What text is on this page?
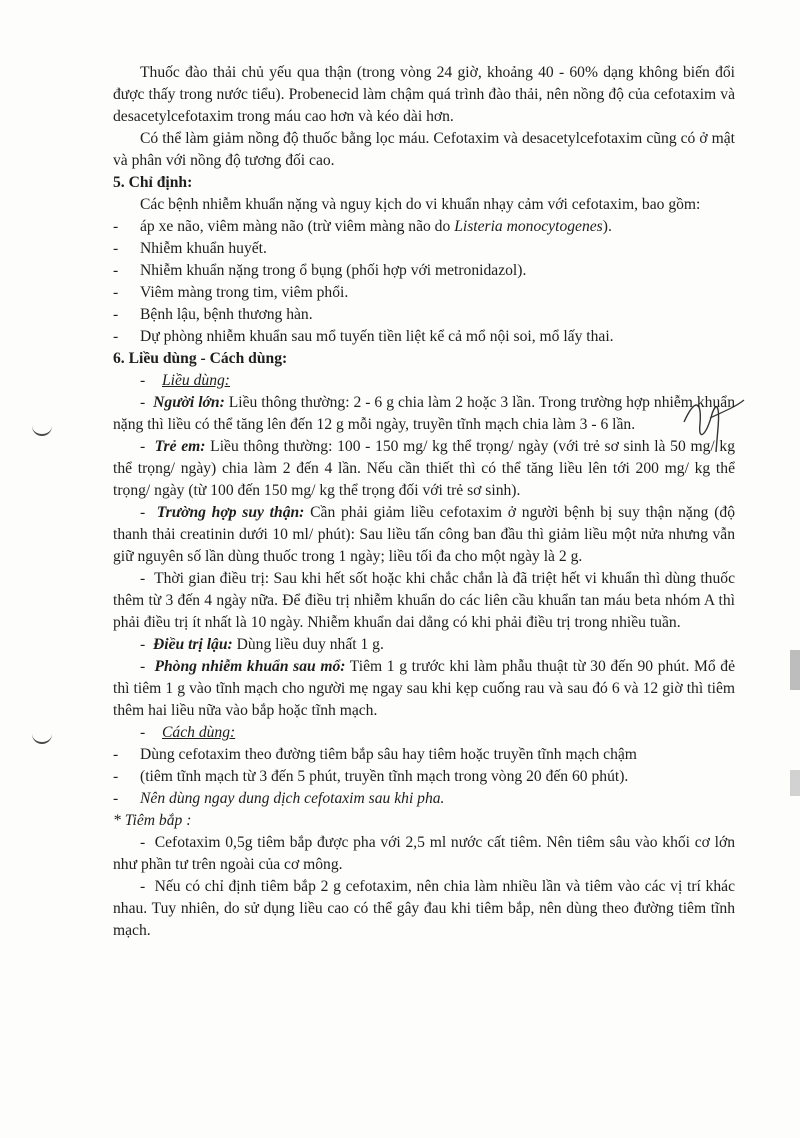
Thuốc đào thải chủ yếu qua thận (trong vòng 24 giờ, khoảng 40 - 60% dạng không biến đổi được thấy trong nước tiểu). Probenecid làm chậm quá trình đào thải, nên nồng độ của cefotaxim và desacetylcefotaxim trong máu cao hơn và kéo dài hơn.

Có thể làm giảm nồng độ thuốc bằng lọc máu. Cefotaxim và desacetylcefotaxim cũng có ở mật và phân với nồng độ tương đối cao.

5. Chỉ định:

Các bệnh nhiễm khuẩn nặng và nguy kịch do vi khuẩn nhạy cảm với cefotaxim, bao gồm:

- áp xe não, viêm màng não (trừ viêm màng não do Listeria monocytogenes).

- Nhiễm khuẩn huyết.

- Nhiễm khuẩn nặng trong ổ bụng (phối hợp với metronidazol).

- Viêm màng trong tim, viêm phổi.

- Bệnh lậu, bệnh thương hàn.

- Dự phòng nhiễm khuẩn sau mổ tuyến tiền liệt kể cả mổ nội soi, mổ lấy thai.

6. Liều dùng - Cách dùng:

- Liều dùng:

- Người lớn: Liều thông thường: 2 - 6 g chia làm 2 hoặc 3 lần. Trong trường hợp nhiễm khuẩn nặng thì liều có thể tăng lên đến 12 g mỗi ngày, truyền tĩnh mạch chia làm 3 - 6 lần.

- Trẻ em: Liều thông thường: 100 - 150 mg/ kg thể trọng/ ngày (với trẻ sơ sinh là 50 mg/ kg thể trọng/ ngày) chia làm 2 đến 4 lần. Nếu cần thiết thì có thể tăng liều lên tới 200 mg/ kg thể trọng/ ngày (từ 100 đến 150 mg/ kg thể trọng đối với trẻ sơ sinh).

- Trường hợp suy thận: Cần phải giảm liều cefotaxim ở người bệnh bị suy thận nặng (độ thanh thải creatinin dưới 10 ml/ phút): Sau liều tấn công ban đầu thì giảm liều một nửa nhưng vẫn giữ nguyên số lần dùng thuốc trong 1 ngày; liều tối đa cho một ngày là 2 g.

- Thời gian điều trị: Sau khi hết sốt hoặc khi chắc chắn là đã triệt hết vi khuẩn thì dùng thuốc thêm từ 3 đến 4 ngày nữa. Để điều trị nhiễm khuẩn do các liên cầu khuẩn tan máu beta nhóm A thì phải điều trị ít nhất là 10 ngày. Nhiễm khuẩn dai dẳng có khi phải điều trị trong nhiều tuần.

- Điều trị lậu: Dùng liều duy nhất 1 g.

- Phòng nhiễm khuẩn sau mổ: Tiêm 1 g trước khi làm phẫu thuật từ 30 đến 90 phút. Mổ đẻ thì tiêm 1 g vào tĩnh mạch cho người mẹ ngay sau khi kẹp cuống rau và sau đó 6 và 12 giờ thì tiêm thêm hai liều nữa vào bắp hoặc tĩnh mạch.

- Cách dùng:

- Dùng cefotaxim theo đường tiêm bắp sâu hay tiêm hoặc truyền tĩnh mạch chậm

- (tiêm tĩnh mạch từ 3 đến 5 phút, truyền tĩnh mạch trong vòng 20 đến 60 phút).

- Nên dùng ngay dung dịch cefotaxim sau khi pha.

* Tiêm bắp :

- Cefotaxim 0,5g tiêm bắp được pha với 2,5 ml nước cất tiêm. Nên tiêm sâu vào khối cơ lớn như phần tư trên ngoài của cơ mông.

- Nếu có chỉ định tiêm bắp 2 g cefotaxim, nên chia làm nhiều lần và tiêm vào các vị trí khác nhau. Tuy nhiên, do sử dụng liều cao có thể gây đau khi tiêm bắp, nên dùng theo đường tiêm tĩnh mạch.
